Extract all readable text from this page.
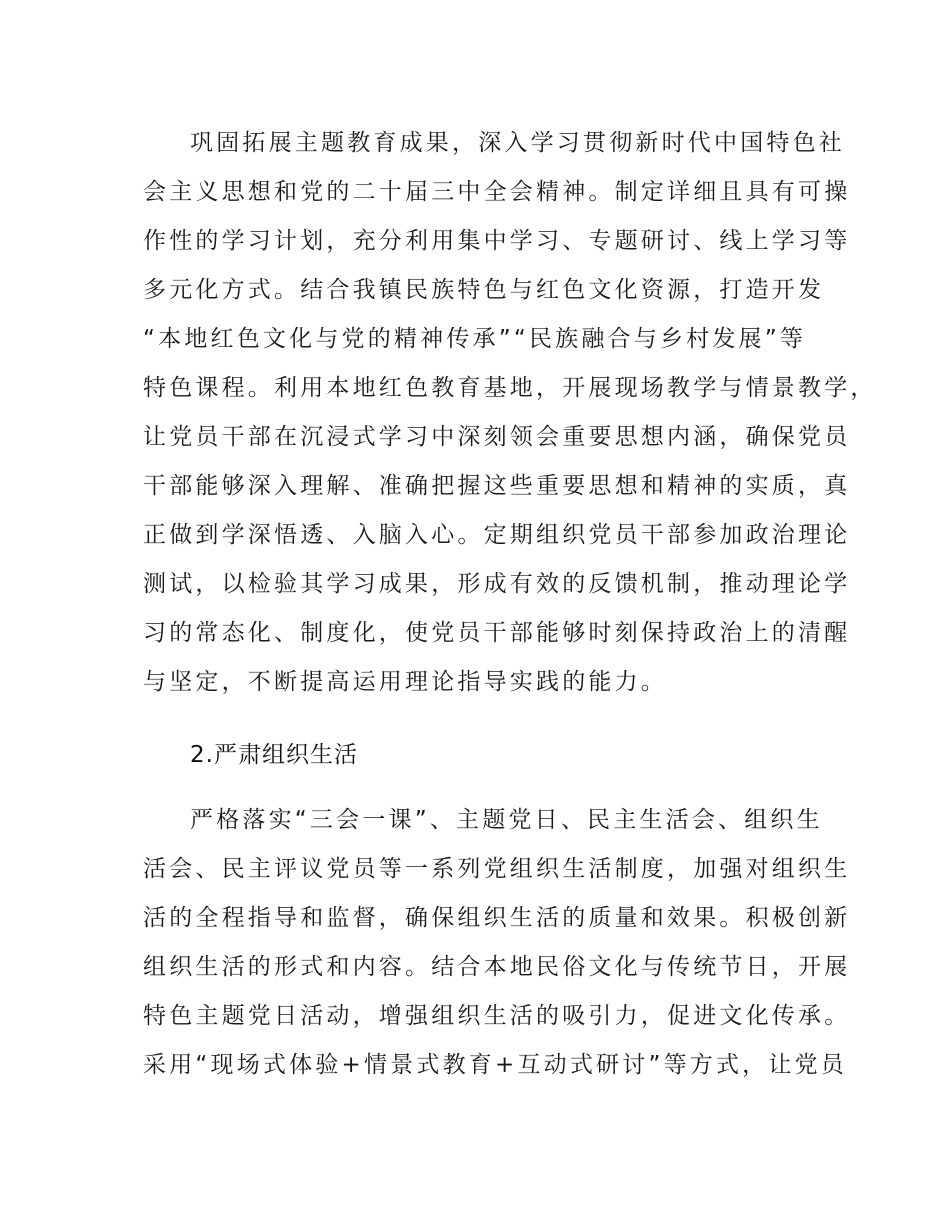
巩固拓展主题教育成果，深入学习贯彻新时代中国特色社
会主义思想和党的二十届三中全会精神。制定详细且具有可操
作性的学习计划，充分利用集中学习、专题研讨、线上学习等
多元化方式。结合我镇民族特色与红色文化资源，打造开发
“本地红色文化与党的精神传承”“民族融合与乡村发展”等
特色课程。利用本地红色教育基地，开展现场教学与情景教学，
让党员干部在沉浸式学习中深刻领会重要思想内涵，确保党员
干部能够深入理解、准确把握这些重要思想和精神的实质，真
正做到学深悟透、入脑入心。定期组织党员干部参加政治理论
测试，以检验其学习成果，形成有效的反馈机制，推动理论学
习的常态化、制度化，使党员干部能够时刻保持政治上的清醒
与坚定，不断提高运用理论指导实践的能力。
2.严肃组织生活
严格落实“三会一课”、主题党日、民主生活会、组织生
活会、民主评议党员等一系列党组织生活制度，加强对组织生
活的全程指导和监督，确保组织生活的质量和效果。积极创新
组织生活的形式和内容。结合本地民俗文化与传统节日，开展
特色主题党日活动，增强组织生活的吸引力，促进文化传承。
采用“现场式体验+情景式教育+互动式研讨”等方式，让党员
